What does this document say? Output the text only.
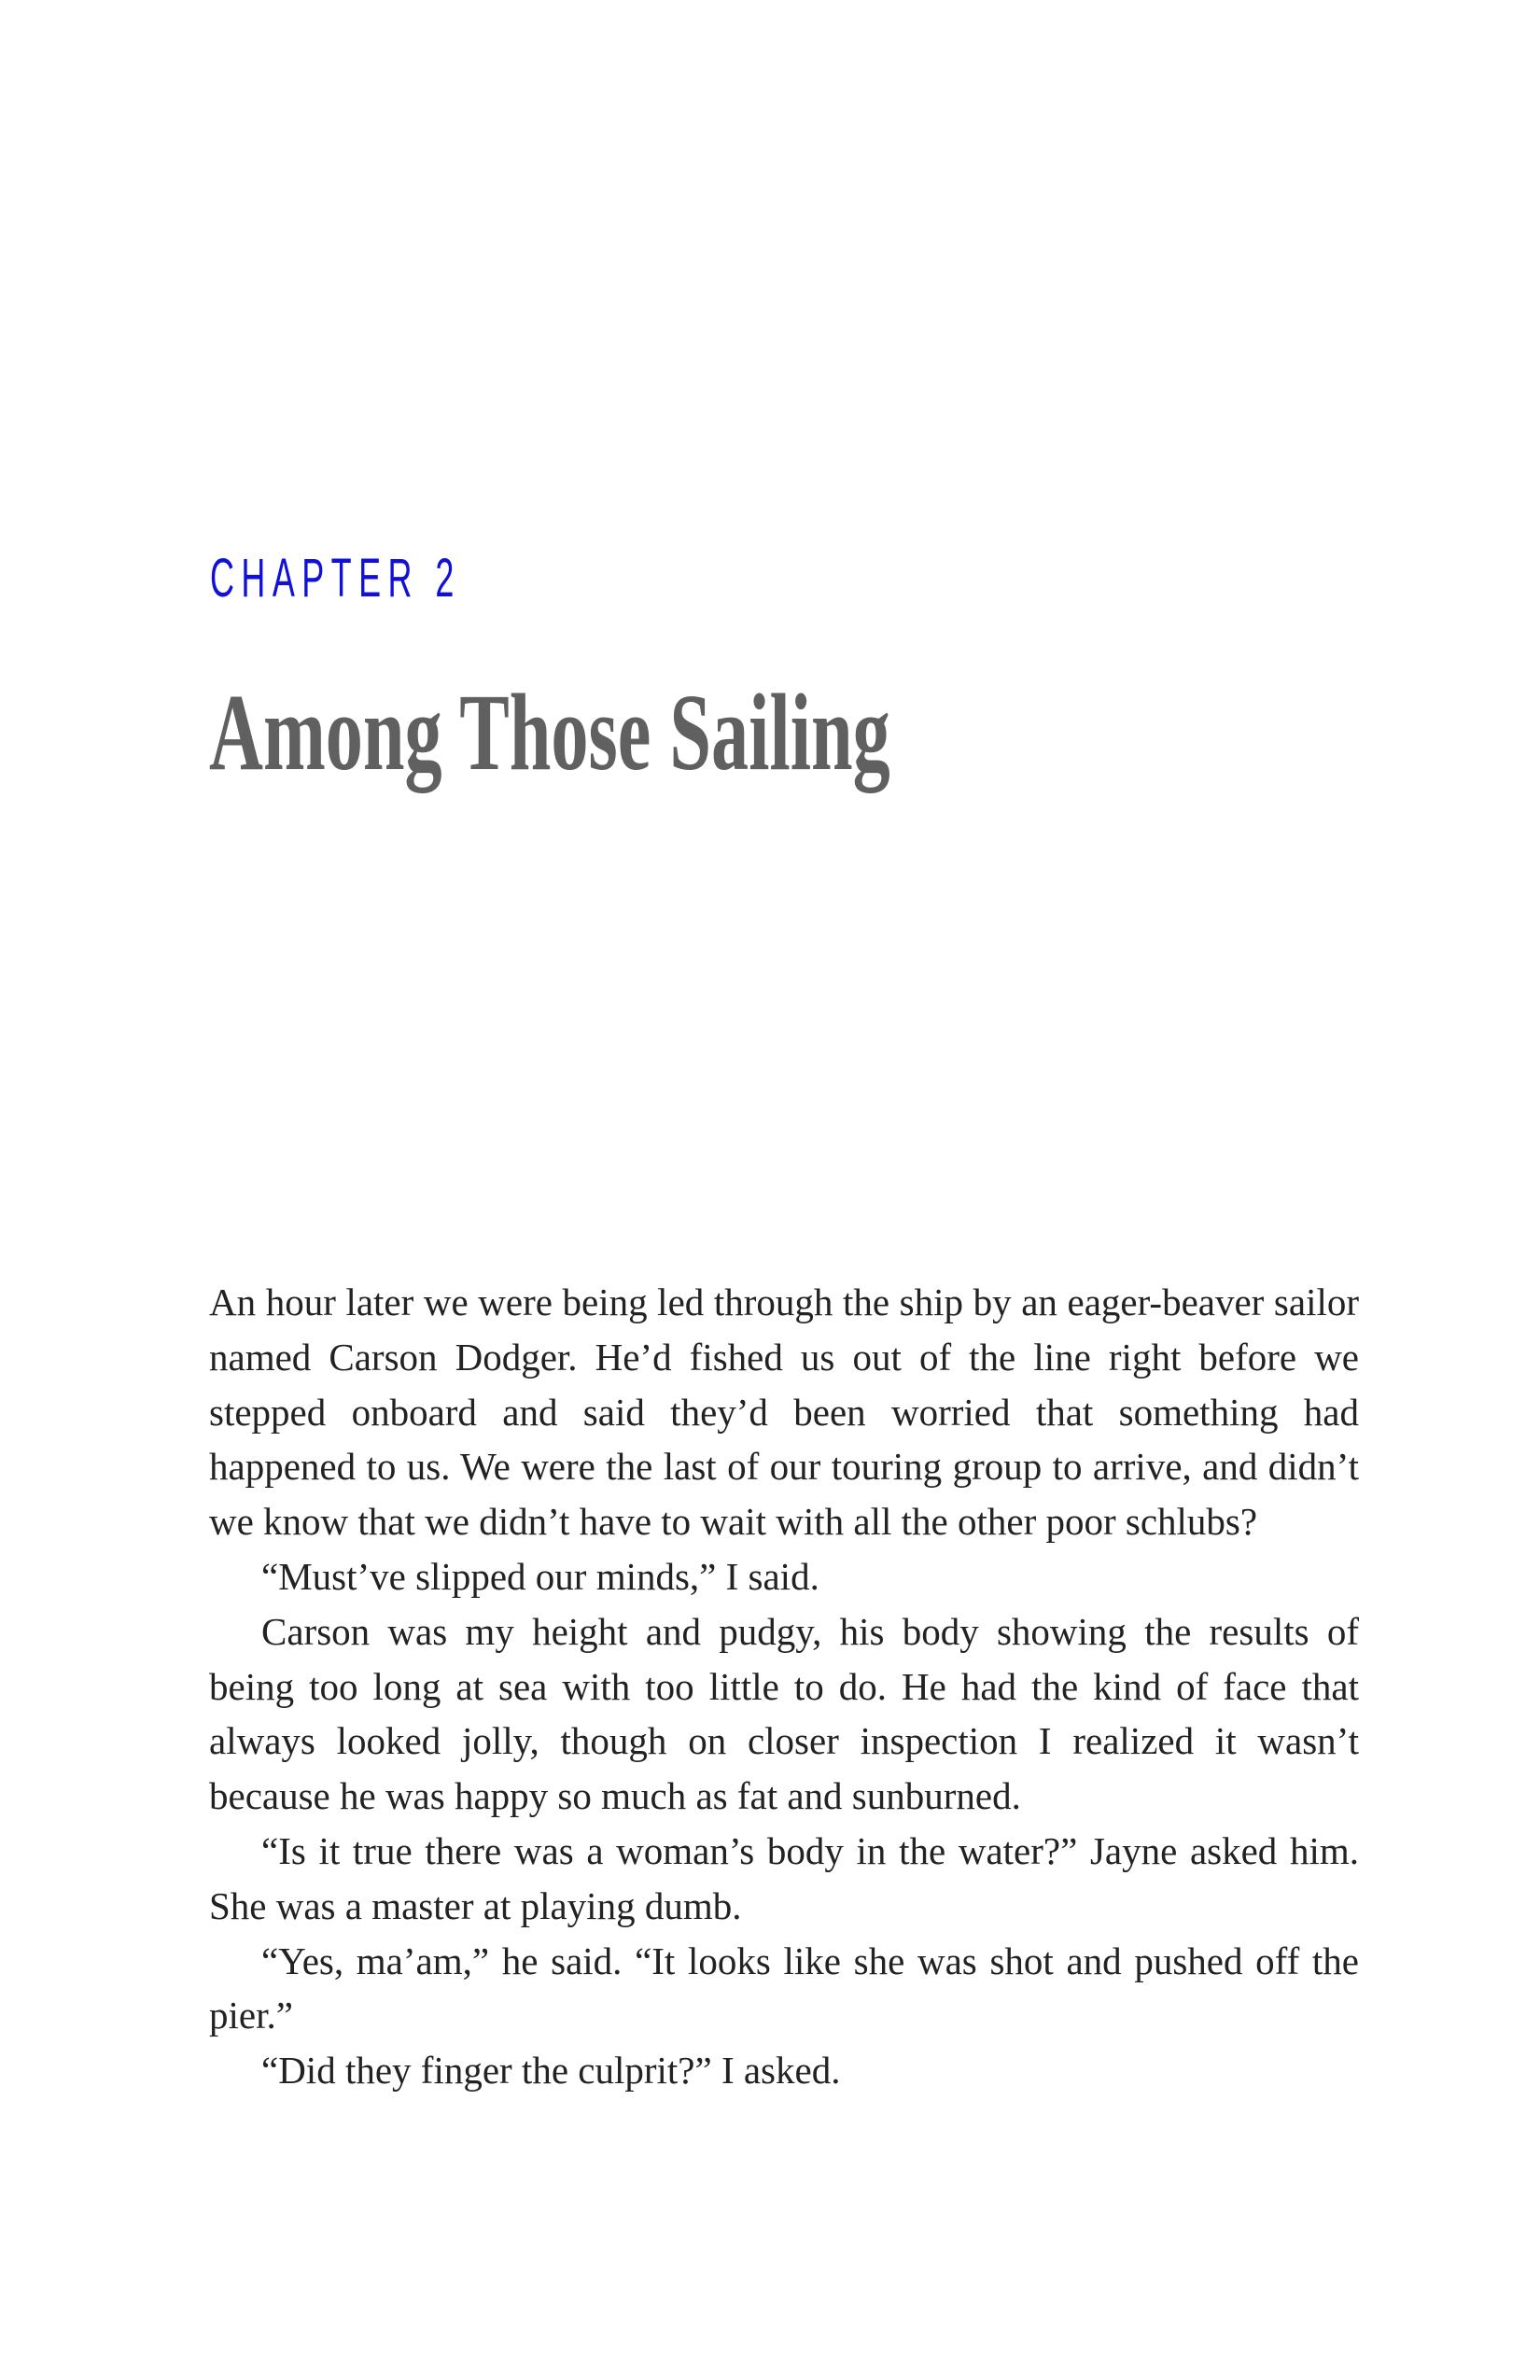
CHAPTER 2
Among Those Sailing

An hour later we were being led through the ship by an eager-beaver sailor named Carson Dodger. He’d fished us out of the line right before we stepped onboard and said they’d been worried that something had happened to us. We were the last of our touring group to arrive, and didn’t we know that we didn’t have to wait with all the other poor schlubs?

“Must’ve slipped our minds,” I said.

Carson was my height and pudgy, his body showing the results of being too long at sea with too little to do. He had the kind of face that always looked jolly, though on closer inspection I realized it wasn’t because he was happy so much as fat and sunburned.

“Is it true there was a woman’s body in the water?” Jayne asked him. She was a master at playing dumb.

“Yes, ma’am,” he said. “It looks like she was shot and pushed off the pier.”

“Did they finger the culprit?” I asked.
